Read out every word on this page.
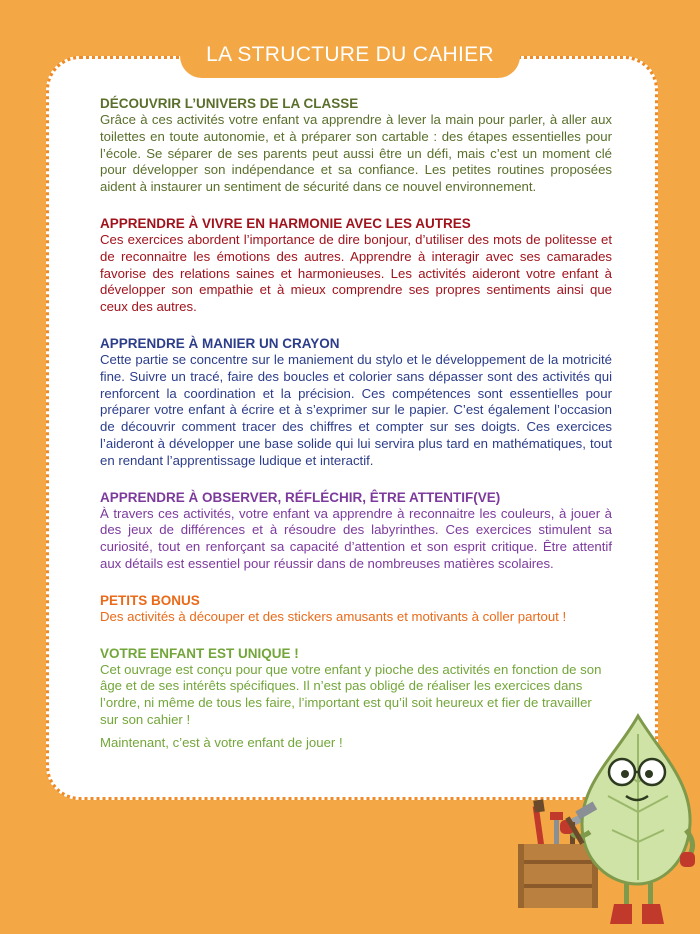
LA STRUCTURE DU CAHIER

DÉCOUVRIR L’UNIVERS DE LA CLASSE

Grâce à ces activités votre enfant va apprendre à lever la main pour parler, à aller aux toilettes en toute autonomie, et à préparer son cartable : des étapes essentielles pour l’école. Se séparer de ses parents peut aussi être un défi, mais c’est un moment clé pour développer son indépendance et sa confiance. Les petites routines proposées aident à instaurer un sentiment de sécurité dans ce nouvel environnement.

APPRENDRE À VIVRE EN HARMONIE AVEC LES AUTRES

Ces exercices abordent l’importance de dire bonjour, d’utiliser des mots de politesse et de reconnaitre les émotions des autres. Apprendre à interagir avec ses camarades favorise des relations saines et harmonieuses. Les activités aideront votre enfant à développer son empathie et à mieux comprendre ses propres sentiments ainsi que ceux des autres.

APPRENDRE À MANIER UN CRAYON

Cette partie se concentre sur le maniement du stylo et le développement de la motricité fine. Suivre un tracé, faire des boucles et colorier sans dépasser sont des activités qui renforcent la coordination et la précision. Ces compétences sont essentielles pour préparer votre enfant à écrire et à s’exprimer sur le papier. C’est également l’occasion de découvrir comment tracer des chiffres et compter sur ses doigts. Ces exercices l’aideront à développer une base solide qui lui servira plus tard en mathématiques, tout en rendant l’apprentissage ludique et interactif.

APPRENDRE À OBSERVER, RÉFLÉCHIR, ÊTRE ATTENTIF(VE)

À travers ces activités, votre enfant va apprendre à reconnaitre les couleurs, à jouer à des jeux de différences et à résoudre des labyrinthes. Ces exercices stimulent sa curiosité, tout en renforçant sa capacité d’attention et son esprit critique. Être attentif aux détails est essentiel pour réussir dans de nombreuses matières scolaires.

PETITS BONUS

Des activités à découper et des stickers amusants et motivants à coller partout !

VOTRE ENFANT EST UNIQUE !

Cet ouvrage est conçu pour que votre enfant y pioche des activités en fonction de son âge et de ses intérêts spécifiques. Il n’est pas obligé de réaliser les exercices dans l’ordre, ni même de tous les faire, l’important est qu’il soit heureux et fier de travailler sur son cahier !

Maintenant, c’est à votre enfant de jouer !
